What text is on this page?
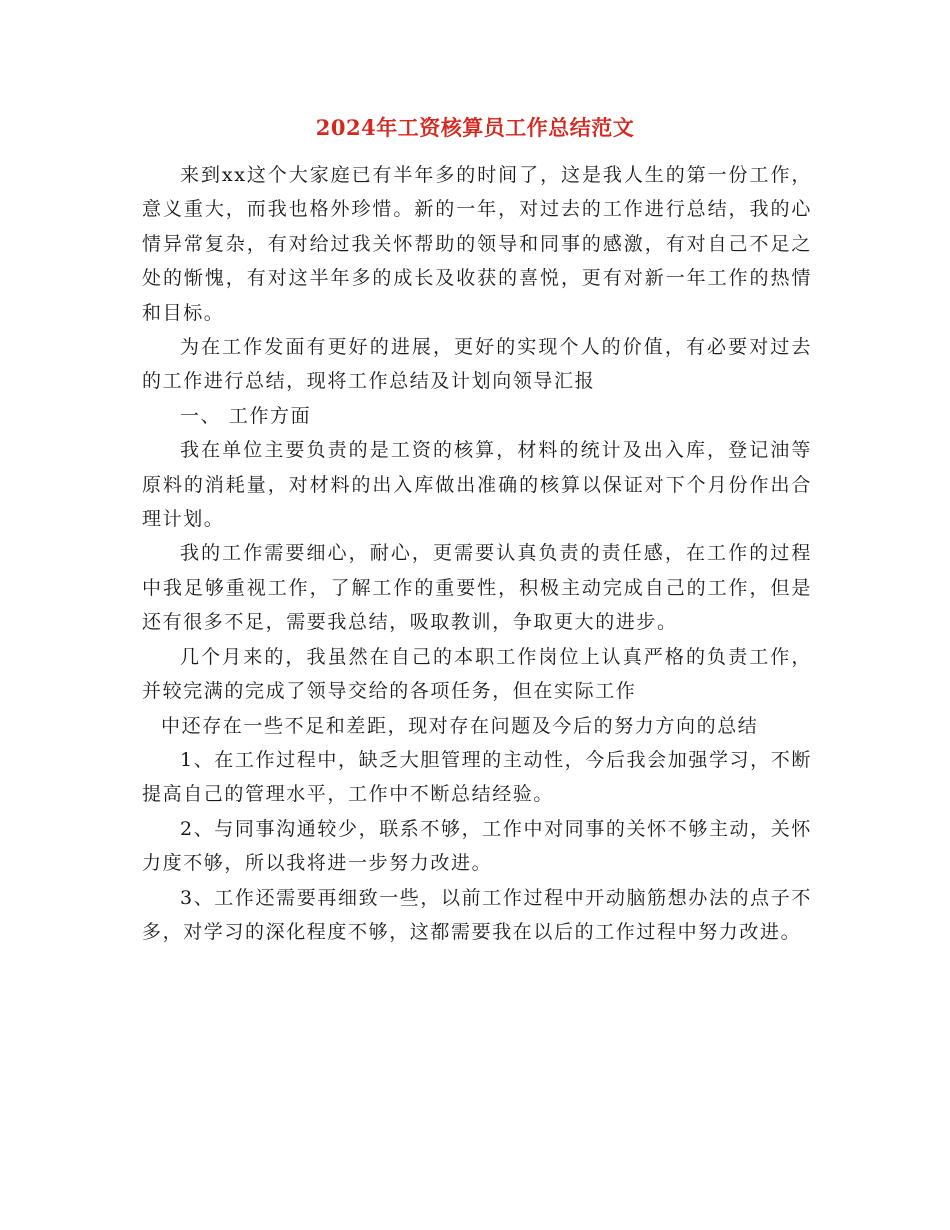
2024年工资核算员工作总结范文

来到xx这个大家庭已有半年多的时间了，这是我人生的第一份工作，意义重大，而我也格外珍惜。新的一年，对过去的工作进行总结，我的心情异常复杂，有对给过我关怀帮助的领导和同事的感激，有对自己不足之处的惭愧，有对这半年多的成长及收获的喜悦，更有对新一年工作的热情和目标。

为在工作发面有更好的进展，更好的实现个人的价值，有必要对过去的工作进行总结，现将工作总结及计划向领导汇报

一、 工作方面

我在单位主要负责的是工资的核算，材料的统计及出入库，登记油等原料的消耗量，对材料的出入库做出准确的核算以保证对下个月份作出合理计划。

我的工作需要细心，耐心，更需要认真负责的责任感，在工作的过程中我足够重视工作，了解工作的重要性，积极主动完成自己的工作，但是还有很多不足，需要我总结，吸取教训，争取更大的进步。

几个月来的，我虽然在自己的本职工作岗位上认真严格的负责工作，并较完满的完成了领导交给的各项任务，但在实际工作

中还存在一些不足和差距，现对存在问题及今后的努力方向的总结

1、在工作过程中，缺乏大胆管理的主动性，今后我会加强学习，不断提高自己的管理水平，工作中不断总结经验。

2、与同事沟通较少，联系不够，工作中对同事的关怀不够主动，关怀力度不够，所以我将进一步努力改进。

3、工作还需要再细致一些，以前工作过程中开动脑筋想办法的点子不多，对学习的深化程度不够，这都需要我在以后的工作过程中努力改进。
